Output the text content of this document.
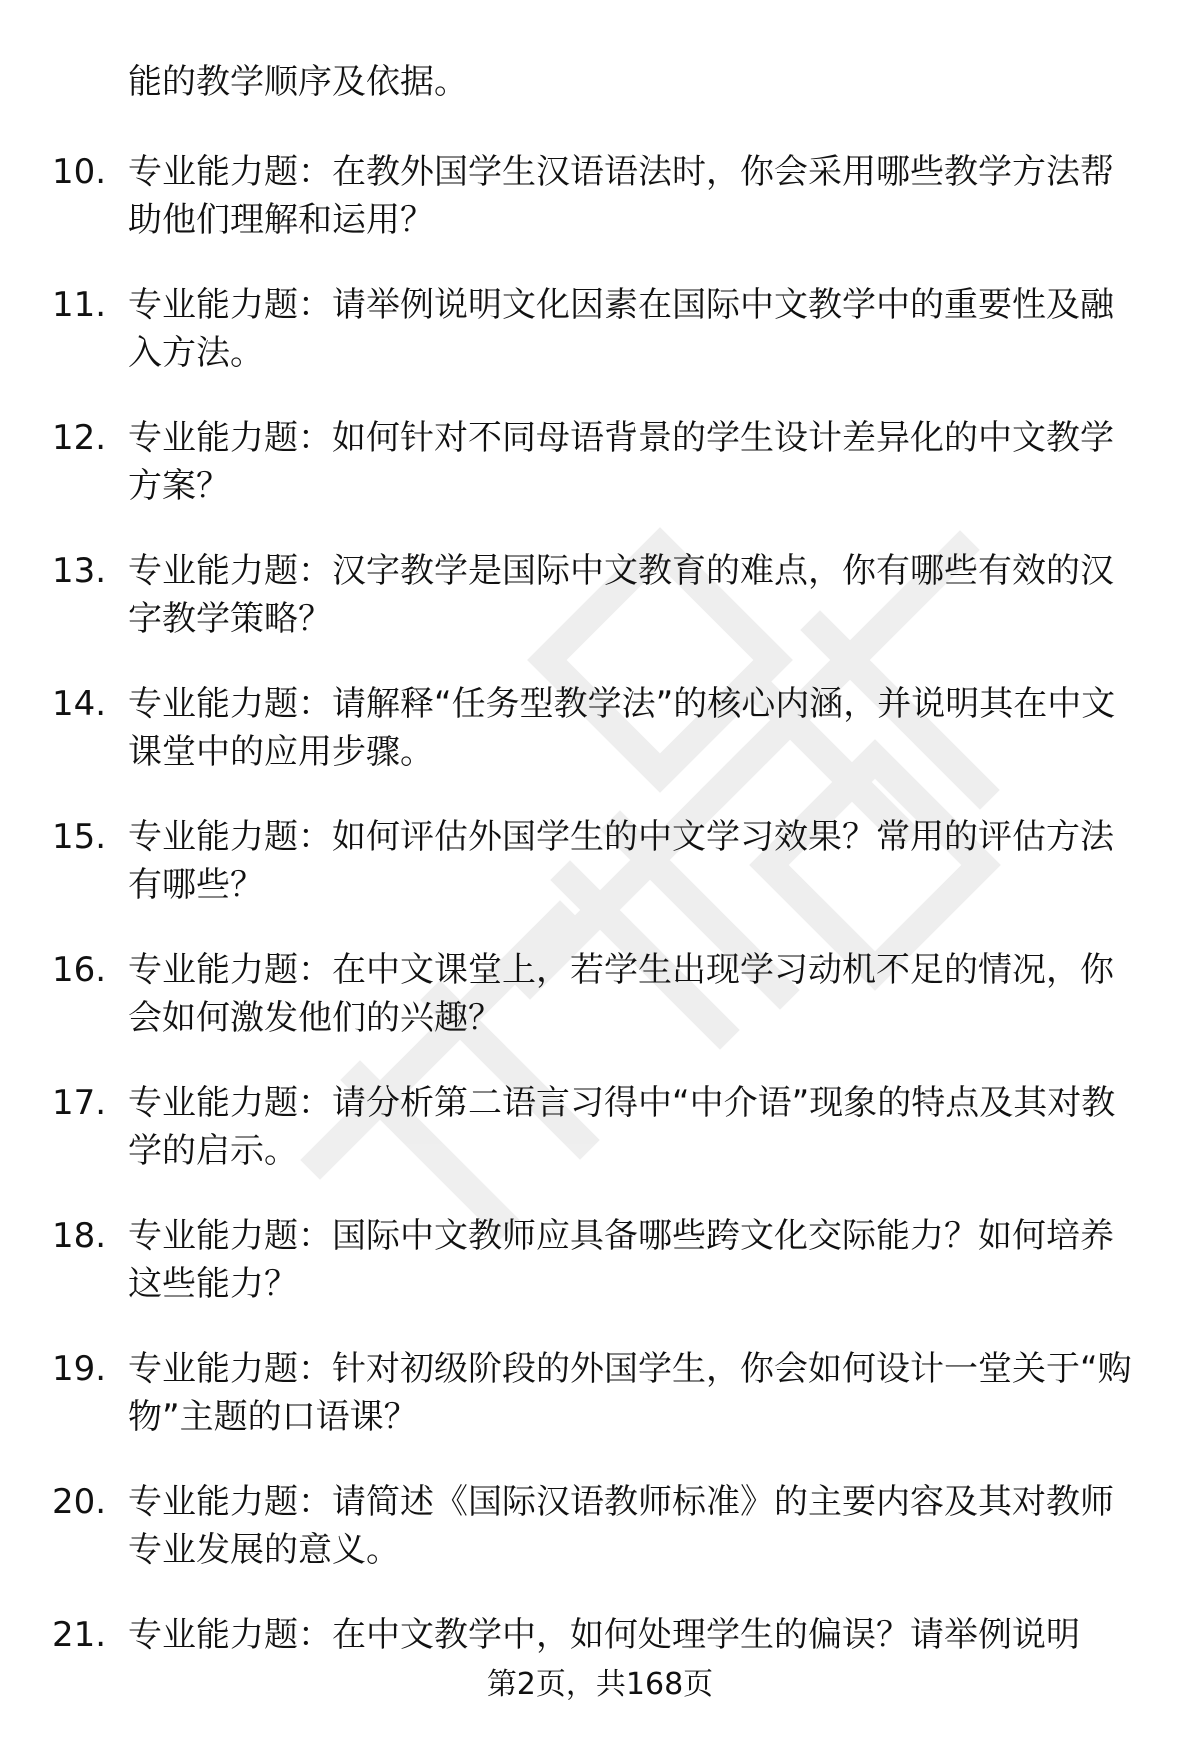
能的教学顺序及依据。
10. 专业能力题：在教外国学生汉语语法时，你会采用哪些教学方法帮助他们理解和运用？
11. 专业能力题：请举例说明文化因素在国际中文教学中的重要性及融入方法。
12. 专业能力题：如何针对不同母语背景的学生设计差异化的中文教学方案？
13. 专业能力题：汉字教学是国际中文教育的难点，你有哪些有效的汉字教学策略？
14. 专业能力题：请解释“任务型教学法”的核心内涵，并说明其在中文课堂中的应用步骤。
15. 专业能力题：如何评估外国学生的中文学习效果？常用的评估方法有哪些？
16. 专业能力题：在中文课堂上，若学生出现学习动机不足的情况，你会如何激发他们的兴趣？
17. 专业能力题：请分析第二语言习得中“中介语”现象的特点及其对教学的启示。
18. 专业能力题：国际中文教师应具备哪些跨文化交际能力？如何培养这些能力？
19. 专业能力题：针对初级阶段的外国学生，你会如何设计一堂关于“购物”主题的口语课？
20. 专业能力题：请简述《国际汉语教师标准》的主要内容及其对教师专业发展的意义。
21. 专业能力题：在中文教学中，如何处理学生的偏误？请举例说明
第2页，共168页
